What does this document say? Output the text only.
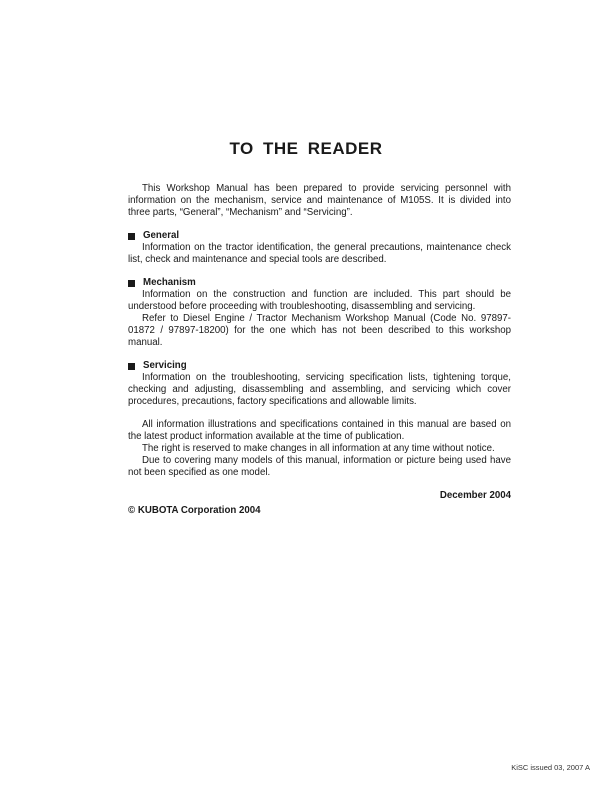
TO THE READER

This Workshop Manual has been prepared to provide servicing personnel with information on the mechanism, service and maintenance of M105S. It is divided into three parts, “General”, “Mechanism” and “Servicing”.

General

Information on the tractor identification, the general precautions, maintenance check list, check and maintenance and special tools are described.

Mechanism

Information on the construction and function are included. This part should be understood before proceeding with troubleshooting, disassembling and servicing.

Refer to Diesel Engine / Tractor Mechanism Workshop Manual (Code No. 97897-01872 / 97897-18200) for the one which has not been described to this workshop manual.

Servicing

Information on the troubleshooting, servicing specification lists, tightening torque, checking and adjusting, disassembling and assembling, and servicing which cover procedures, precautions, factory specifications and allowable limits.

All information illustrations and specifications contained in this manual are based on the latest product information available at the time of publication.

The right is reserved to make changes in all information at any time without notice.

Due to covering many models of this manual, information or picture being used have not been specified as one model.

December 2004
© KUBOTA Corporation 2004
KiSC issued 03, 2007 A
